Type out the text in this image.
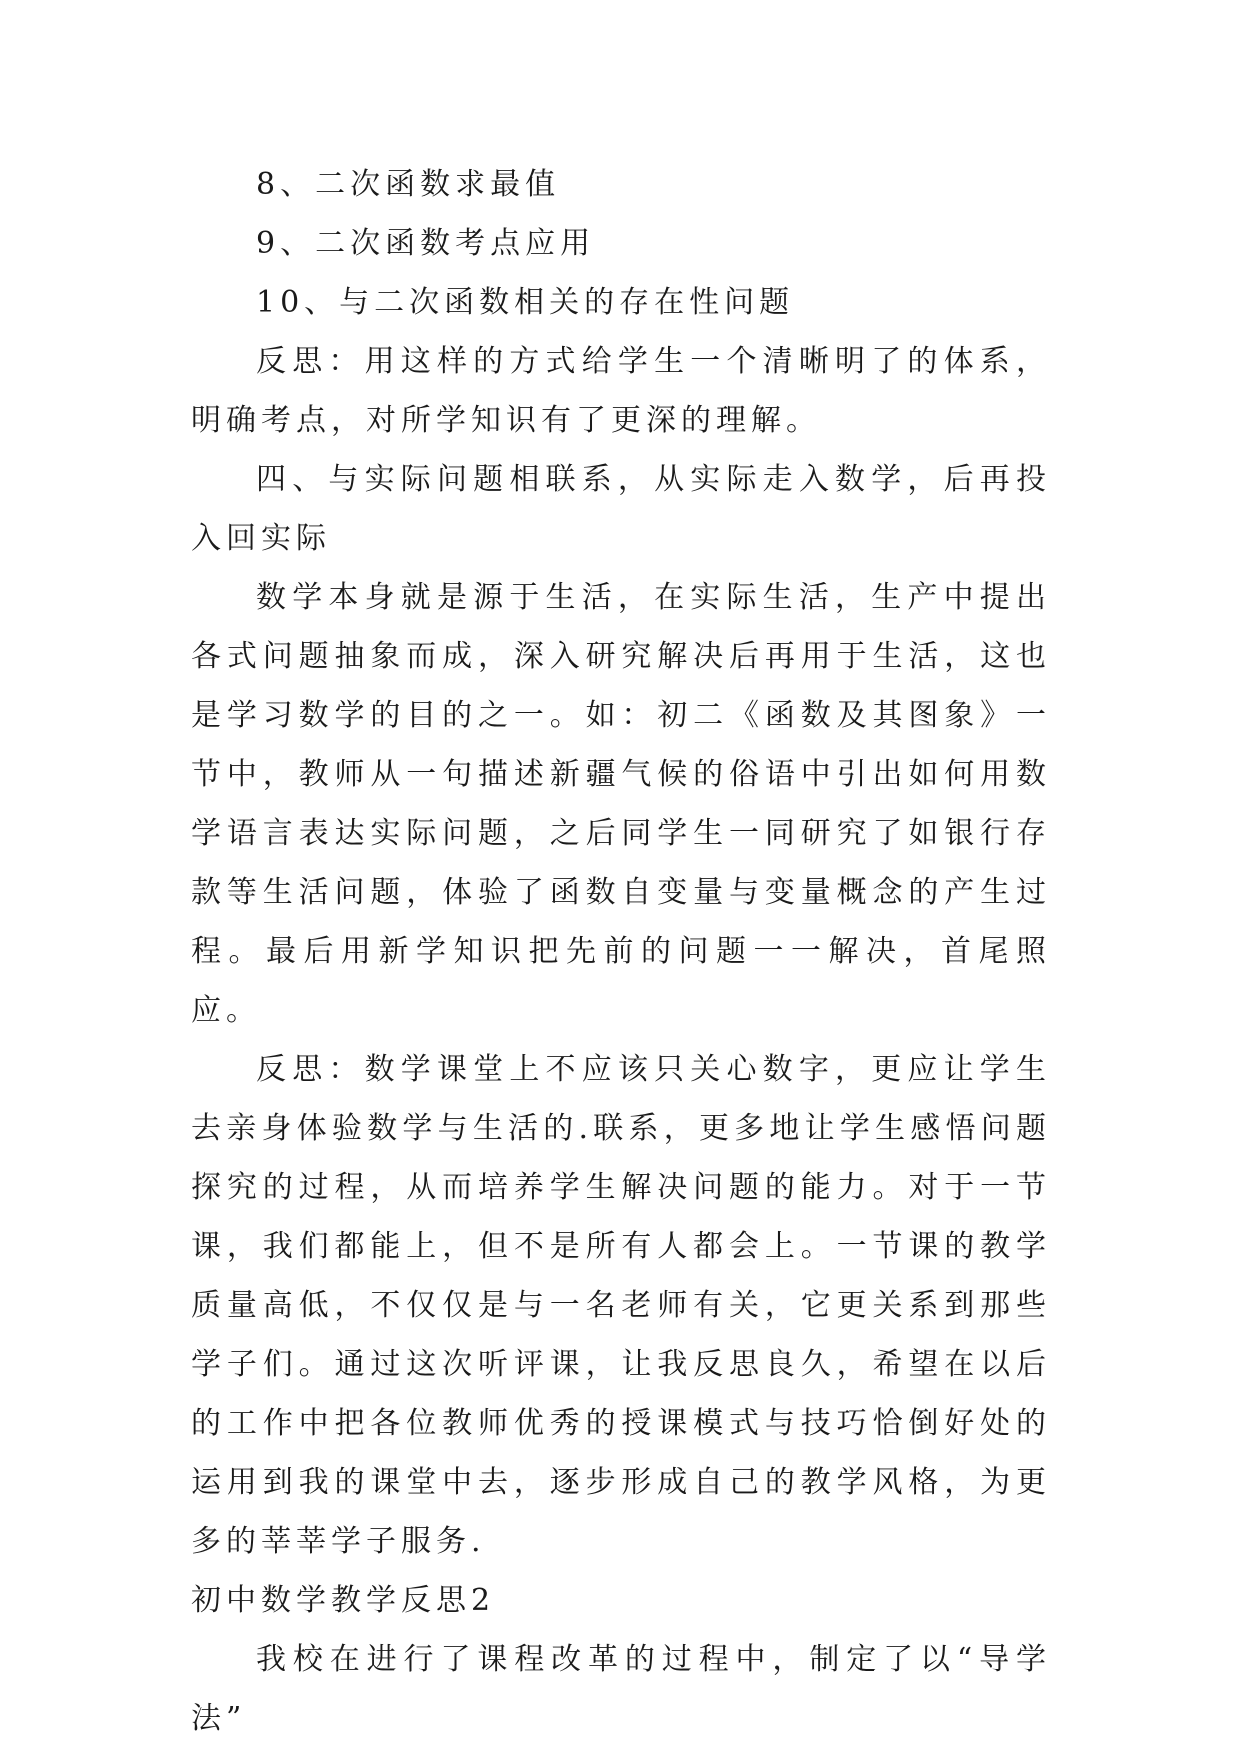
8、二次函数求最值

9、二次函数考点应用

10、与二次函数相关的存在性问题

反思：用这样的方式给学生一个清晰明了的体系，明确考点，对所学知识有了更深的理解。

四、与实际问题相联系，从实际走入数学，后再投入回实际

数学本身就是源于生活，在实际生活，生产中提出各式问题抽象而成，深入研究解决后再用于生活，这也是学习数学的目的之一。如：初二《函数及其图象》一节中，教师从一句描述新疆气候的俗语中引出如何用数学语言表达实际问题，之后同学生一同研究了如银行存款等生活问题，体验了函数自变量与变量概念的产生过程。最后用新学知识把先前的问题一一解决，首尾照应。

反思：数学课堂上不应该只关心数字，更应让学生去亲身体验数学与生活的.联系，更多地让学生感悟问题探究的过程，从而培养学生解决问题的能力。对于一节课，我们都能上，但不是所有人都会上。一节课的教学质量高低，不仅仅是与一名老师有关，它更关系到那些学子们。通过这次听评课，让我反思良久，希望在以后的工作中把各位教师优秀的授课模式与技巧恰倒好处的运用到我的课堂中去，逐步形成自己的教学风格，为更多的莘莘学子服务.

初中数学教学反思2

我校在进行了课程改革的过程中，制定了以“导学法”
